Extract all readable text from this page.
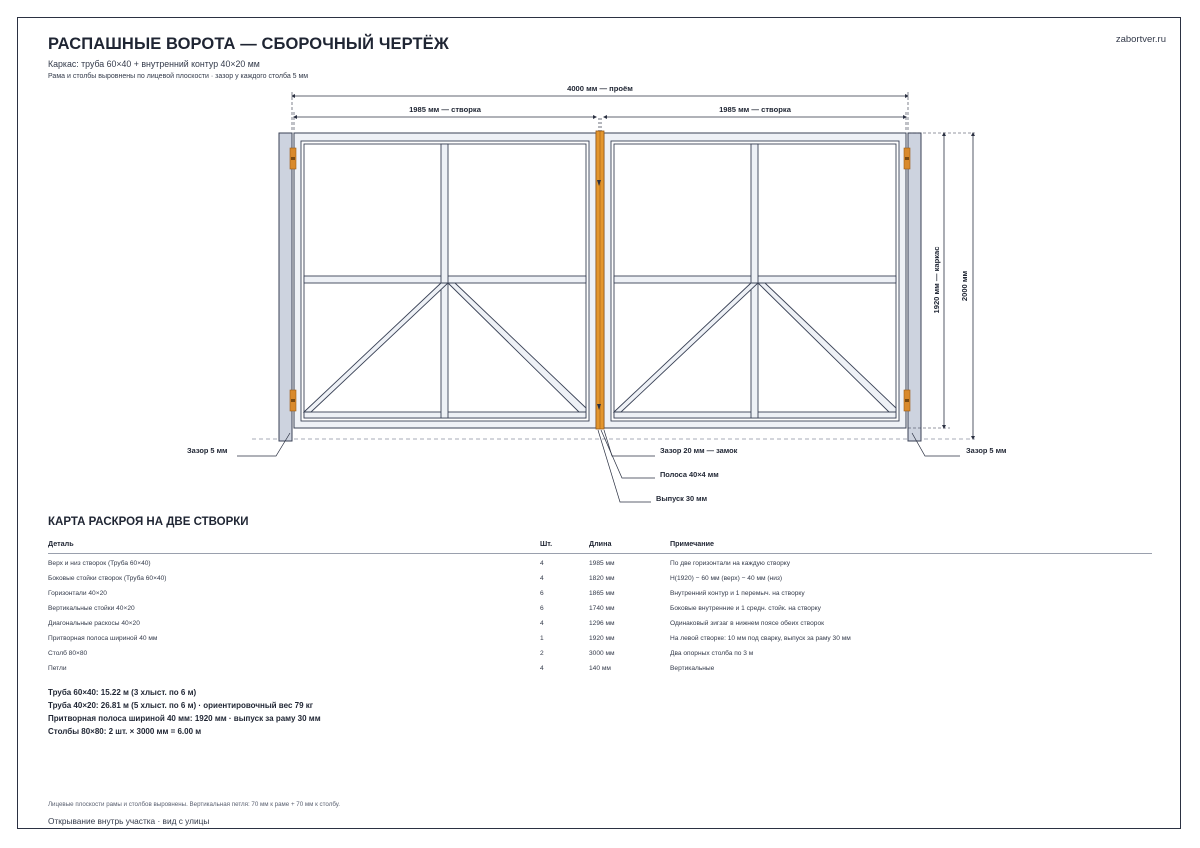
РАСПАШНЫЕ ВОРОТА — СБОРОЧНЫЙ ЧЕРТЁЖ
Каркас: труба 60×40 + внутренний контур 40×20 мм
Рама и столбы выровнены по лицевой плоскости · зазор у каждого столба 5 мм
zabortver.ru
4000 мм — проём
1985 мм — створка	1985 мм — створка
1920 мм — каркас	2000 мм
Зазор 5 мм	Зазор 5 мм
Зазор 20 мм — замок
Полоса 40×4 мм
Выпуск 30 мм
КАРТА РАСКРОЯ НА ДВЕ СТВОРКИ
Деталь	Шт.	Длина	Примечание
Верх и низ створок (Труба 60×40)	4	1985 мм	По две горизонтали на каждую створку
Боковые стойки створок (Труба 60×40)	4	1820 мм	H(1920) − 60 мм (верх) − 40 мм (низ)
Горизонтали 40×20	6	1865 мм	Внутренний контур и 1 перемыч. на створку
Вертикальные стойки 40×20	6	1740 мм	Боковые внутренние и 1 средн. стойк. на створку
Диагональные раскосы 40×20	4	1296 мм	Одинаковый зигзаг в нижнем поясе обеих створок
Притворная полоса шириной 40 мм	1	1920 мм	На левой створке: 10 мм под сварку, выпуск за раму 30 мм
Столб 80×80	2	3000 мм	Два опорных столба по 3 м
Петли	4	140 мм	Вертикальные
Труба 60×40: 15.22 м (3 хлыст. по 6 м)
Труба 40×20: 26.81 м (5 хлыст. по 6 м) · ориентировочный вес 79 кг
Притворная полоса шириной 40 мм: 1920 мм · выпуск за раму 30 мм
Столбы 80×80: 2 шт. × 3000 мм = 6.00 м
Лицевые плоскости рамы и столбов выровнены. Вертикальная петля: 70 мм к раме + 70 мм к столбу.
Открывание внутрь участка · вид с улицы
